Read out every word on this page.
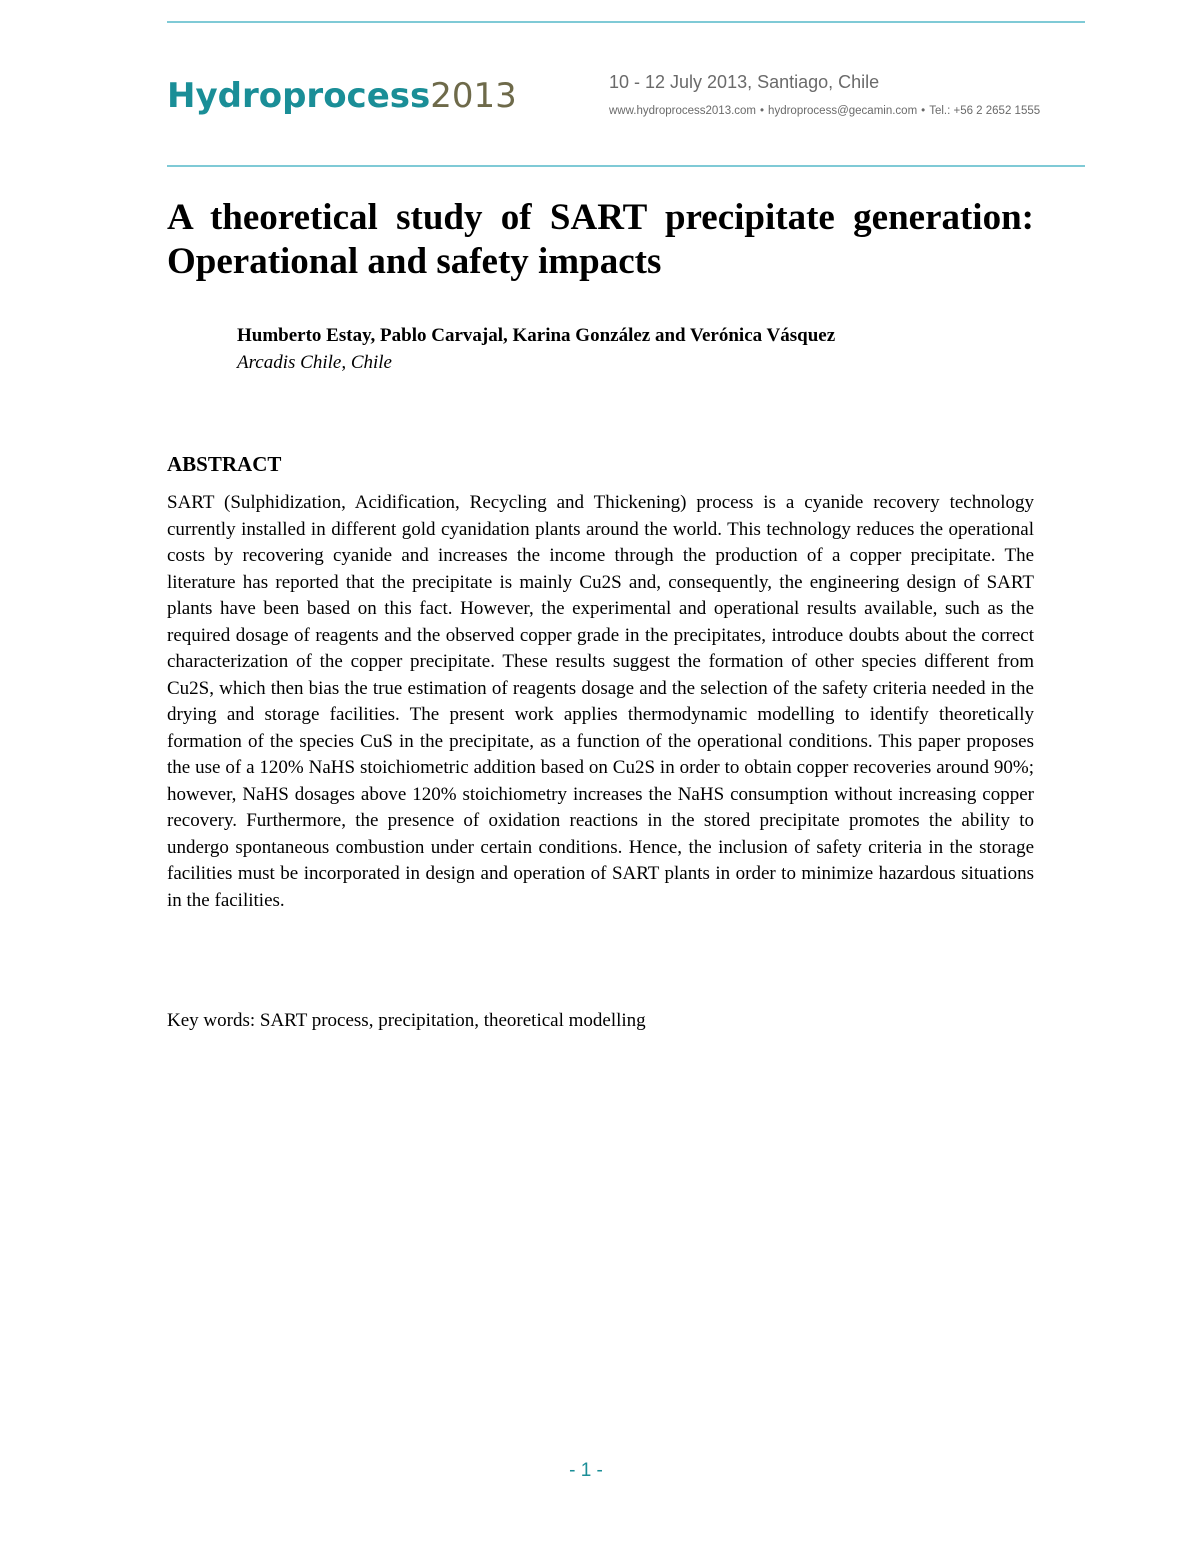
Hydroprocess2013	10 - 12 July 2013, Santiago, Chile
www.hydroprocess2013.com • hydroprocess@gecamin.com • Tel.: +56 2 2652 1555
A theoretical study of SART precipitate generation: Operational and safety impacts

Humberto Estay, Pablo Carvajal, Karina González and Verónica Vásquez

Arcadis Chile, Chile

ABSTRACT

SART (Sulphidization, Acidification, Recycling and Thickening) process is a cyanide recovery technology currently installed in different gold cyanidation plants around the world. This technology reduces the operational costs by recovering cyanide and increases the income through the production of a copper precipitate. The literature has reported that the precipitate is mainly Cu2S and, consequently, the engineering design of SART plants have been based on this fact. However, the experimental and operational results available, such as the required dosage of reagents and the observed copper grade in the precipitates, introduce doubts about the correct characterization of the copper precipitate. These results suggest the formation of other species different from Cu2S, which then bias the true estimation of reagents dosage and the selection of the safety criteria needed in the drying and storage facilities. The present work applies thermodynamic modelling to identify theoretically formation of the species CuS in the precipitate, as a function of the operational conditions. This paper proposes the use of a 120% NaHS stoichiometric addition based on Cu2S in order to obtain copper recoveries around 90%; however, NaHS dosages above 120% stoichiometry increases the NaHS consumption without increasing copper recovery. Furthermore, the presence of oxidation reactions in the stored precipitate promotes the ability to undergo spontaneous combustion under certain conditions. Hence, the inclusion of safety criteria in the storage facilities must be incorporated in design and operation of SART plants in order to minimize hazardous situations in the facilities.

Key words: SART process, precipitation, theoretical modelling

- 1 -
